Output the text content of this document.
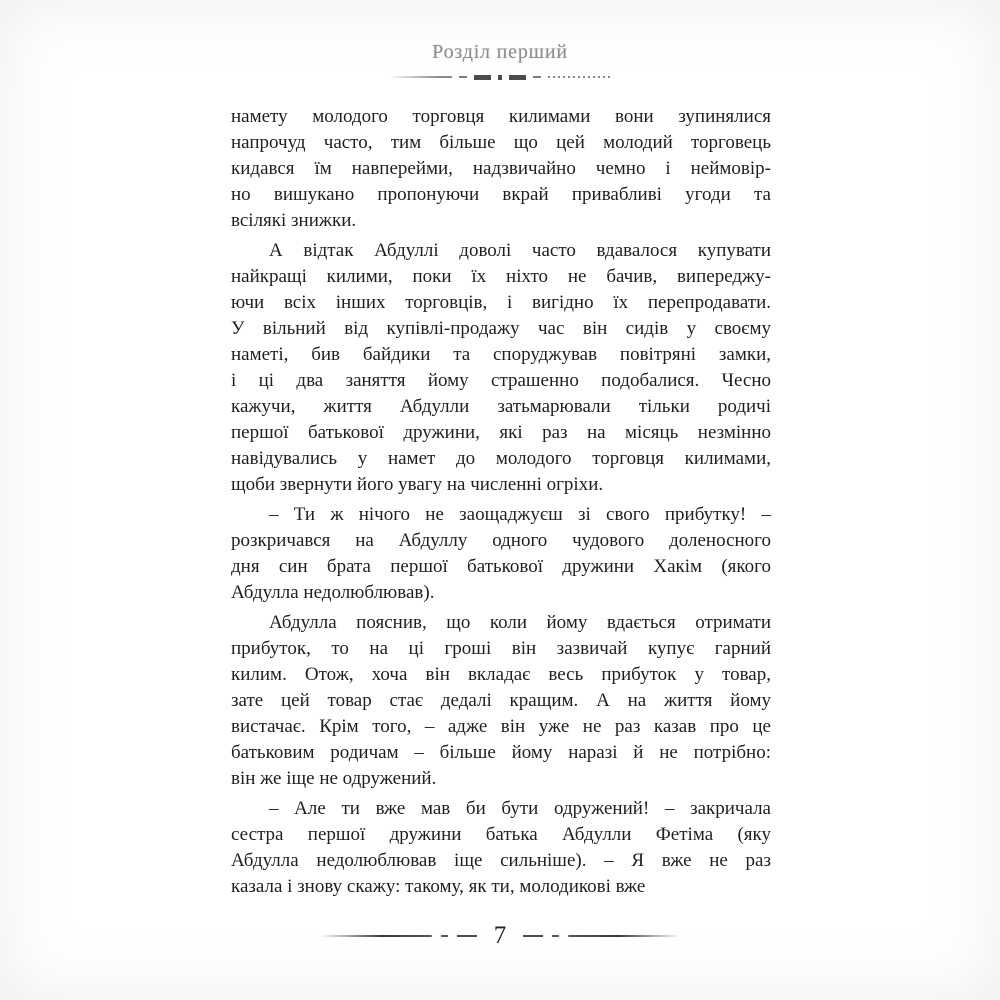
Розділ перший
намету молодого торговця килимами вони зупинялися
напрочуд часто, тим більше що цей молодий торговець
кидався їм навперейми, надзвичайно чемно і неймовір-
но вишукано пропонуючи вкрай привабливі угоди та
всілякі знижки.
А відтак Абдуллі доволі часто вдавалося купувати
найкращі килими, поки їх ніхто не бачив, випереджу-
ючи всіх інших торговців, і вигідно їх перепродавати.
У вільний від купівлі-продажу час він сидів у своєму
наметі, бив байдики та споруджував повітряні замки,
і ці два заняття йому страшенно подобалися. Чесно
кажучи, життя Абдулли затьмарювали тільки родичі
першої батькової дружини, які раз на місяць незмінно
навідувались у намет до молодого торговця килимами,
щоби звернути його увагу на численні огріхи.
– Ти ж нічого не заощаджуєш зі свого прибутку! –
розкричався на Абдуллу одного чудового доленосного
дня син брата першої батькової дружини Хакім (якого
Абдулла недолюблював).
Абдулла пояснив, що коли йому вдається отримати
прибуток, то на ці гроші він зазвичай купує гарний
килим. Отож, хоча він вкладає весь прибуток у товар,
зате цей товар стає дедалі кращим. А на життя йому
вистачає. Крім того, – адже він уже не раз казав про це
батьковим родичам – більше йому наразі й не потрібно:
він же іще не одружений.
– Але ти вже мав би бути одружений! – закричала
сестра першої дружини батька Абдулли Фетіма (яку
Абдулла недолюблював іще сильніше). – Я вже не раз
казала і знову скажу: такому, як ти, молодикові вже
7
